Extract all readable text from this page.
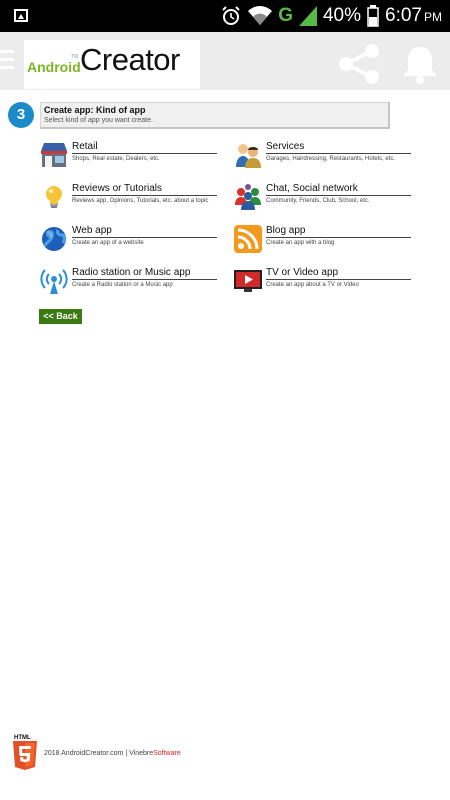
G 40% 6:07 PM
Android
TM Creator
3	Create app: Kind of app
Select kind of app you want create.
Retail
Shops, Real estate, Dealers, etc.
Services
Garages, Hairdressing, Restaurants, Hotels, etc.
Reviews or Tutorials
Reviews app, Opinions, Tutorials, etc. about a topic
Chat, Social network
Community, Friends, Club, School, etc.
Web app
Create an app of a website
Blog app
Create an app with a blog
Radio station or Music app
Create a Radio station or a Music app
TV or Video app
Create an app about a TV or Video
<< Back
HTML
2018 AndroidCreator.com | VinebreSoftware
